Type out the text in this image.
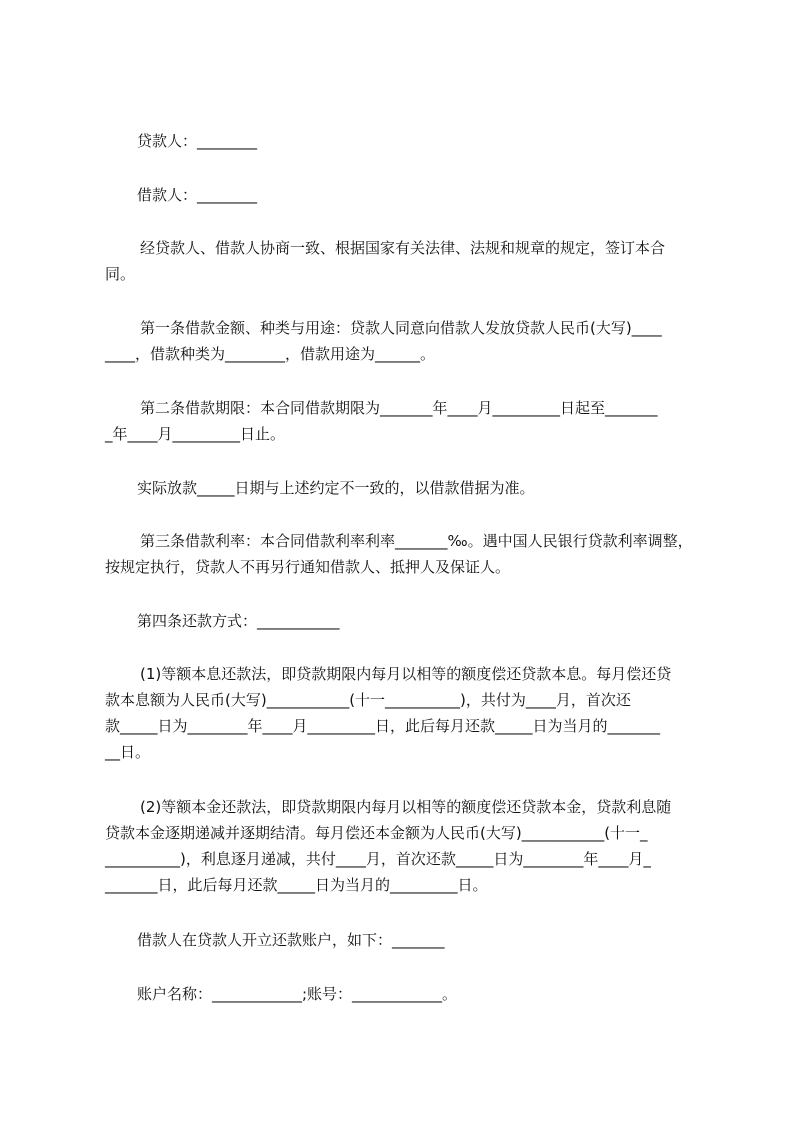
贷款人：________
借款人：________
经贷款人、借款人协商一致、根据国家有关法律、法规和规章的规定，签订本合
同。
第一条借款金额、种类与用途：贷款人同意向借款人发放贷款人民币(大写)____
____，借款种类为________，借款用途为______。
第二条借款期限：本合同借款期限为_______年____月_________日起至_______
_年____月_________日止。
实际放款_____日期与上述约定不一致的，以借款借据为准。
第三条借款利率：本合同借款利率利率_______‰。遇中国人民银行贷款利率调整，
按规定执行，贷款人不再另行通知借款人、抵押人及保证人。
第四条还款方式：___________
(1)等额本息还款法，即贷款期限内每月以相等的额度偿还贷款本息。每月偿还贷
款本息额为人民币(大写)___________(十一__________)，共付为____月，首次还
款_____日为________年____月_________日，此后每月还款_____日为当月的_______
__日。
(2)等额本金还款法，即贷款期限内每月以相等的额度偿还贷款本金，贷款利息随
贷款本金逐期递减并逐期结清。每月偿还本金额为人民币(大写)___________(十一_
__________)，利息逐月递减，共付____月，首次还款_____日为________年____月_
_______日，此后每月还款_____日为当月的_________日。
借款人在贷款人开立还款账户，如下：_______
账户名称：____________;账号：____________。
